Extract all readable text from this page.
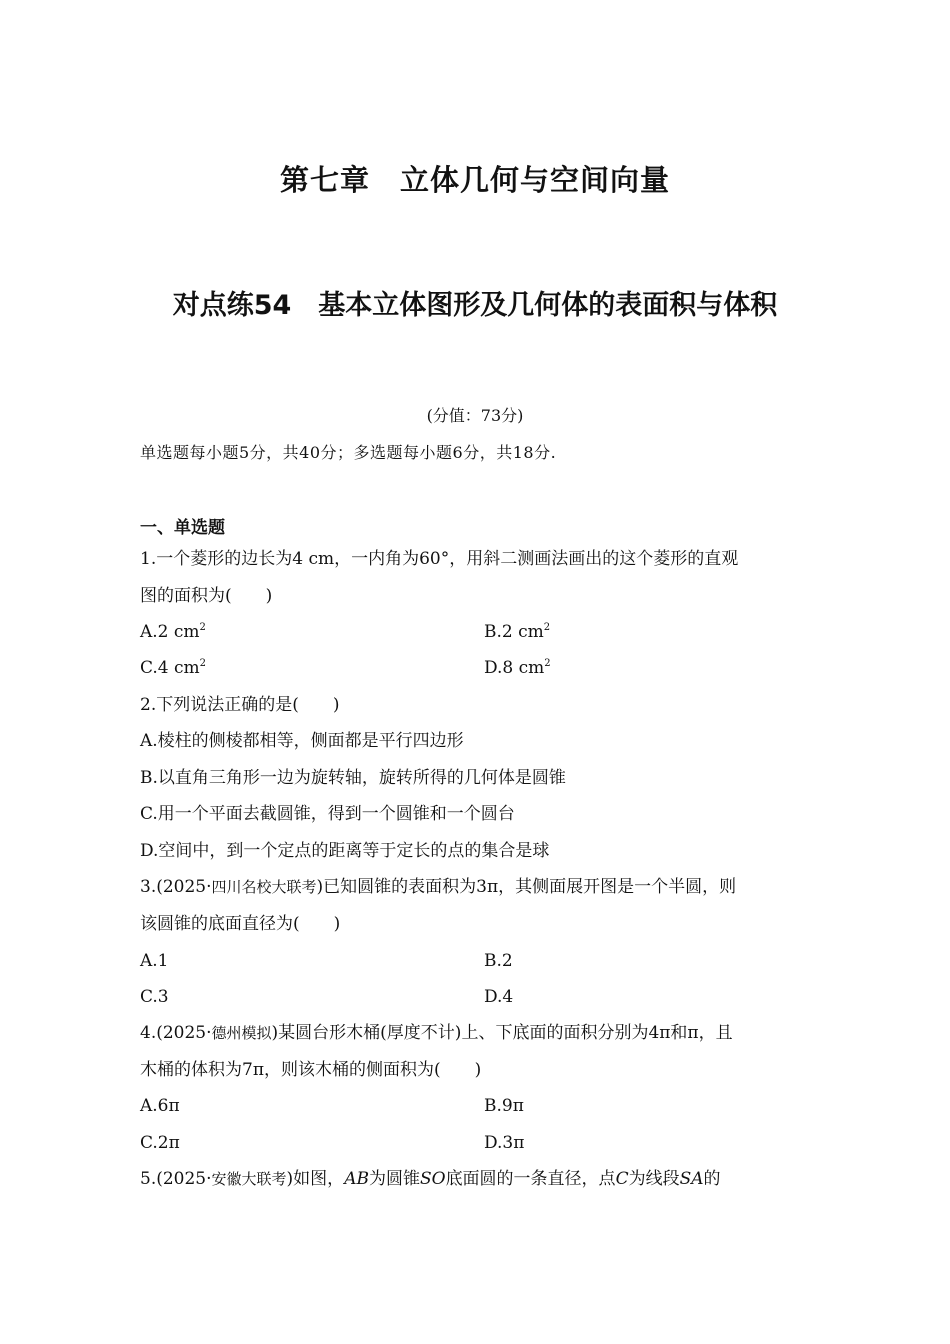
第七章　立体几何与空间向量
对点练54　基本立体图形及几何体的表面积与体积
(分值：73分)
单选题每小题5分，共40分；多选题每小题6分，共18分.
一、单选题
1.一个菱形的边长为4 cm，一内角为60°，用斜二测画法画出的这个菱形的直观
图的面积为(　　)
A.2 $cm^2$	B.2 $cm^2$
C.4 $cm^2$	D.8 $cm^2$
2.下列说法正确的是(　　)
A.棱柱的侧棱都相等，侧面都是平行四边形
B.以直角三角形一边为旋转轴，旋转所得的几何体是圆锥
C.用一个平面去截圆锥，得到一个圆锥和一个圆台
D.空间中，到一个定点的距离等于定长的点的集合是球
3.(2025·四川名校大联考)已知圆锥的表面积为3π，其侧面展开图是一个半圆，则
该圆锥的底面直径为(　　)
A.1	B.2
C.3	D.4
4.(2025·德州模拟)某圆台形木桶(厚度不计)上、下底面的面积分别为4π和π，且
木桶的体积为7π，则该木桶的侧面积为(　　)
A.6π	B.9π
C.2π	D.3π
5.(2025·安徽大联考)如图，AB为圆锥SO底面圆的一条直径，点C为线段SA的
